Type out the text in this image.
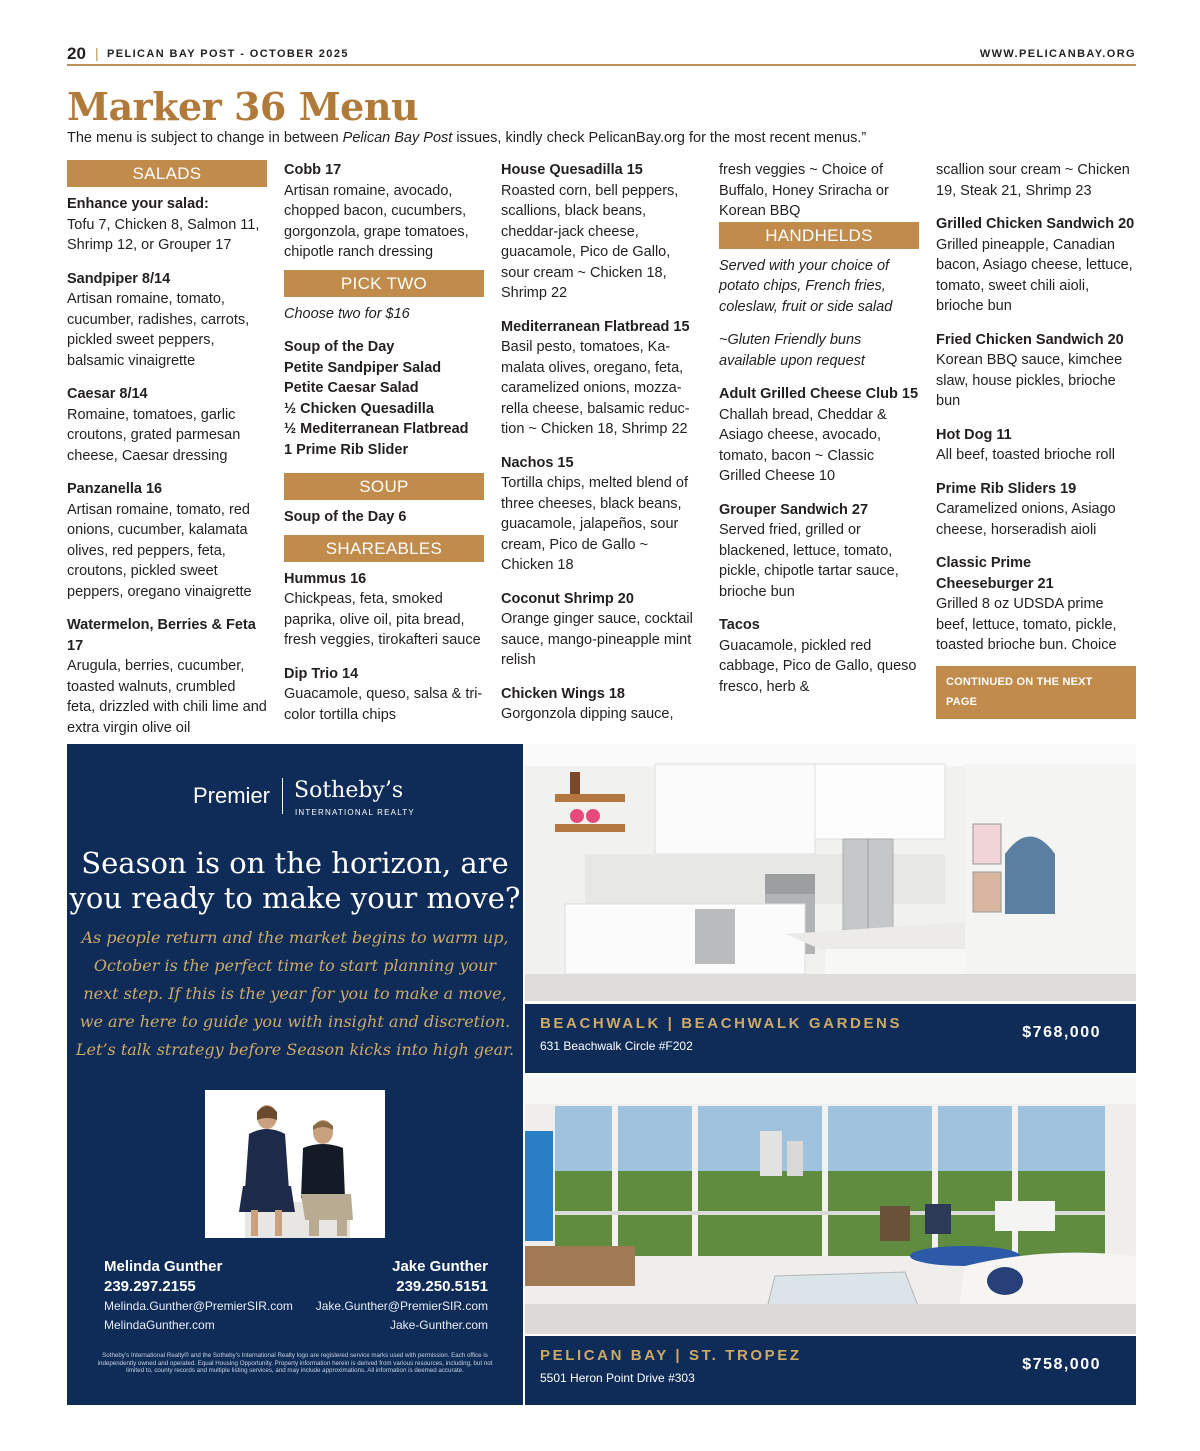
20 | PELICAN BAY POST - OCTOBER 2025	WWW.PELICANBAY.ORG
Marker 36 Menu

The menu is subject to change in between Pelican Bay Post issues, kindly check PelicanBay.org for the most recent menus.”

SALADS
Enhance your salad:
Tofu 7, Chicken 8, Salmon 11, Shrimp 12, or Grouper 17
Sandpiper 8/14
Artisan romaine, tomato, cucumber, radishes, carrots, pickled sweet peppers, balsamic vinaigrette
Caesar 8/14
Romaine, tomatoes, garlic croutons, grated parmesan cheese, Caesar dressing
Panzanella 16
Artisan romaine, tomato, red onions, cucumber, kalamata olives, red peppers, feta, croutons, pickled sweet peppers, oregano vinaigrette
Watermelon, Berries & Feta 17
Arugula, berries, cucumber, toasted walnuts, crumbled feta, drizzled with chili lime and extra virgin olive oil
Cobb 17
Artisan romaine, avocado, chopped bacon, cucumbers, gorgonzola, grape tomatoes, chipotle ranch dressing
PICK TWO
Choose two for $16
Soup of the Day
Petite Sandpiper Salad
Petite Caesar Salad
½ Chicken Quesadilla
½ Mediterranean Flatbread
1 Prime Rib Slider
SOUP
Soup of the Day 6
SHAREABLES
Hummus 16
Chickpeas, feta, smoked paprika, olive oil, pita bread, fresh veggies, tirokafteri sauce
Dip Trio 14
Guacamole, queso, salsa & tri-color tortilla chips
House Quesadilla 15
Roasted corn, bell peppers, scallions, black beans, cheddar-jack cheese, guacamole, Pico de Gallo, sour cream ~ Chicken 18, Shrimp 22
Mediterranean Flatbread 15
Basil pesto, tomatoes, Ka-malata olives, oregano, feta, caramelized onions, mozza-rella cheese, balsamic reduc-tion ~ Chicken 18, Shrimp 22
Nachos 15
Tortilla chips, melted blend of three cheeses, black beans, guacamole, jalapeños, sour cream, Pico de Gallo ~ Chicken 18
Coconut Shrimp 20
Orange ginger sauce, cocktail sauce, mango-pineapple mint relish
Chicken Wings 18
Gorgonzola dipping sauce,
fresh veggies ~ Choice of Buffalo, Honey Sriracha or Korean BBQ
HANDHELDS
Served with your choice of potato chips, French fries, coleslaw, fruit or side salad
~Gluten Friendly buns available upon request
Adult Grilled Cheese Club 15
Challah bread, Cheddar & Asiago cheese, avocado, tomato, bacon ~ Classic Grilled Cheese 10
Grouper Sandwich 27
Served fried, grilled or blackened, lettuce, tomato, pickle, chipotle tartar sauce, brioche bun
Tacos
Guacamole, pickled red cabbage, Pico de Gallo, queso fresco, herb &
scallion sour cream ~ Chicken 19, Steak 21, Shrimp 23
Grilled Chicken Sandwich 20
Grilled pineapple, Canadian bacon, Asiago cheese, lettuce, tomato, sweet chili aioli, brioche bun
Fried Chicken Sandwich 20
Korean BBQ sauce, kimchee slaw, house pickles, brioche bun
Hot Dog 11
All beef, toasted brioche roll
Prime Rib Sliders 19
Caramelized onions, Asiago cheese, horseradish aioli
Classic Prime Cheeseburger 21
Grilled 8 oz UDSDA prime beef, lettuce, tomato, pickle, toasted brioche bun. Choice
CONTINUED ON THE NEXT PAGE
Premier Sotheby’s
INTERNATIONAL REALTY
Season is on the horizon, are you ready to make your move?
As people return and the market begins to warm up, October is the perfect time to start planning your next step. If this is the year for you to make a move, we are here to guide you with insight and discretion. Let’s talk strategy before Season kicks into high gear.
Melinda Gunther
239.297.2155
Melinda.Gunther@PremierSIR.com
MelindaGunther.com
Jake Gunther
239.250.5151
Jake.Gunther@PremierSIR.com
Jake-Gunther.com
Sotheby’s International Realty® and the Sotheby’s International Realty logo are registered service marks used with permission. Each office is independently owned and operated. Equal Housing Opportunity. Property information herein is derived from various resources, including, but not limited to, county records and multiple listing services, and may include approximations. All information is deemed accurate.
BEACHWALK | BEACHWALK GARDENS
631 Beachwalk Circle #F202
$768,000
PELICAN BAY | ST. TROPEZ
5501 Heron Point Drive #303
$758,000
